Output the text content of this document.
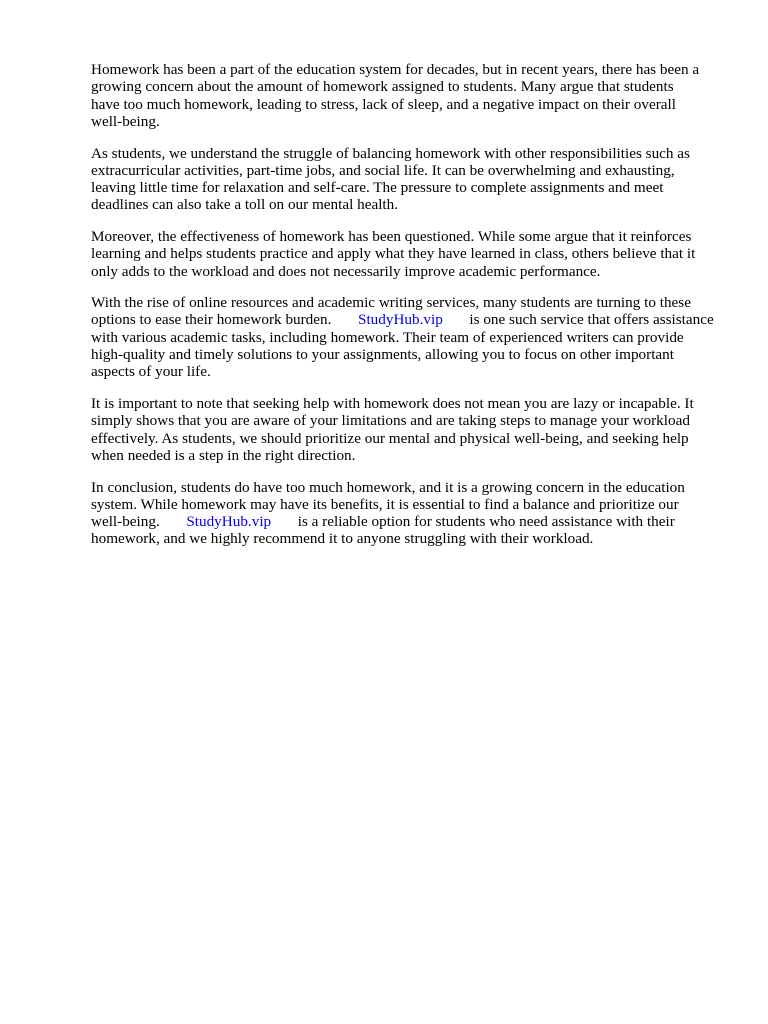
Homework has been a part of the education system for decades, but in recent years, there has been a
growing concern about the amount of homework assigned to students. Many argue that students
have too much homework, leading to stress, lack of sleep, and a negative impact on their overall
well-being.
As students, we understand the struggle of balancing homework with other responsibilities such as
extracurricular activities, part-time jobs, and social life. It can be overwhelming and exhausting,
leaving little time for relaxation and self-care. The pressure to complete assignments and meet
deadlines can also take a toll on our mental health.
Moreover, the effectiveness of homework has been questioned. While some argue that it reinforces
learning and helps students practice and apply what they have learned in class, others believe that it
only adds to the workload and does not necessarily improve academic performance.
With the rise of online resources and academic writing services, many students are turning to these
options to ease their homework burden.       StudyHub.vip       is one such service that offers assistance
with various academic tasks, including homework. Their team of experienced writers can provide
high-quality and timely solutions to your assignments, allowing you to focus on other important
aspects of your life.
It is important to note that seeking help with homework does not mean you are lazy or incapable. It
simply shows that you are aware of your limitations and are taking steps to manage your workload
effectively. As students, we should prioritize our mental and physical well-being, and seeking help
when needed is a step in the right direction.
In conclusion, students do have too much homework, and it is a growing concern in the education
system. While homework may have its benefits, it is essential to find a balance and prioritize our
well-being.       StudyHub.vip       is a reliable option for students who need assistance with their
homework, and we highly recommend it to anyone struggling with their workload.
